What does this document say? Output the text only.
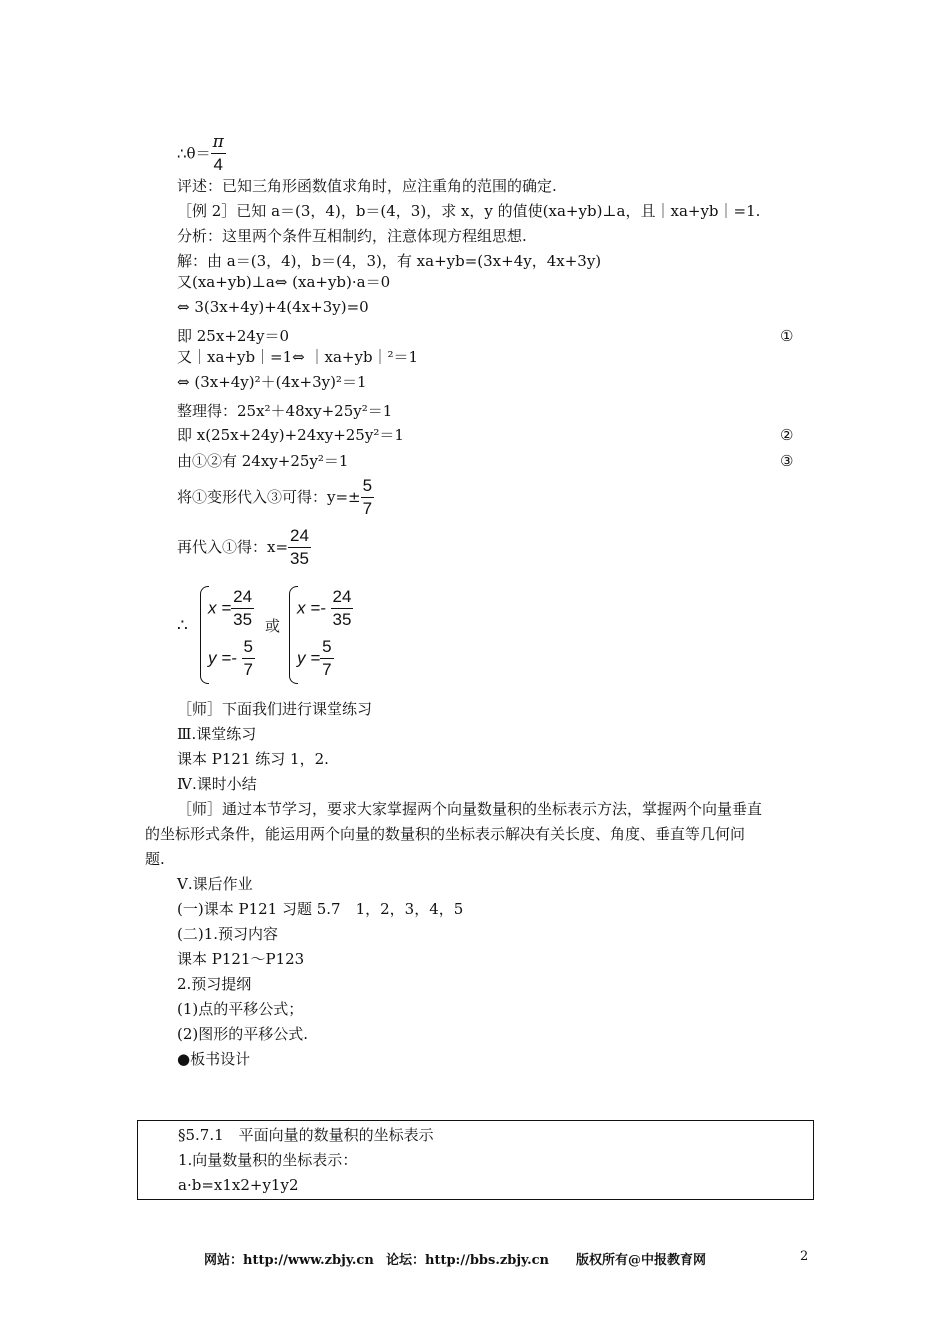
∴θ＝ $\frac{\pi}{4}$
评述：已知三角形函数值求角时，应注重角的范围的确定.
［例 2］已知 a＝(3，4)，b＝(4，3)，求 x，y 的值使(xa+yb)⊥a，且｜xa+yb｜=1.
分析：这里两个条件互相制约，注意体现方程组思想.
解：由 a＝(3，4)，b＝(4，3)，有 xa+yb=(3x+4y，4x+3y)
又(xa+yb)⊥a⇔ (xa+yb)·a＝0
⇔ 3(3x+4y)+4(4x+3y)=0
即 25x+24y＝0	①
又｜xa+yb｜=1⇔ ｜xa+yb｜²＝1
⇔ (3x+4y)²＋(4x+3y)²＝1
整理得：25x²＋48xy+25y²＝1
即 x(25x+24y)+24xy+25y²＝1	②
由①②有 24xy+25y²＝1	③
将①变形代入③可得：$y=\pm \frac{5}{7}$
再代入①得：$x= \frac{24}{35}$
∴
$x = \frac{24}{35}$
$y =- \frac{5}{7}$
或
$x =- \frac{24}{35}$
$y = \frac{5}{7}$
［师］下面我们进行课堂练习
Ⅲ.课堂练习
课本 P121 练习 1，2.
Ⅳ.课时小结
［师］通过本节学习，要求大家掌握两个向量数量积的坐标表示方法，掌握两个向量垂直
的坐标形式条件，能运用两个向量的数量积的坐标表示解决有关长度、角度、垂直等几何问
题.
Ⅴ.课后作业
(一)课本 P121 习题 5.7　1，2，3，4，5
(二)1.预习内容
课本 P121～P123
2.预习提纲
(1)点的平移公式；
(2)图形的平移公式.
●板书设计
§5.7.1　平面向量的数量积的坐标表示
1.向量数量积的坐标表示：
a·b=x1x2+y1y2
网站：http://www.zbjy.cn 论坛：http://bbs.zbjy.cn 版权所有@中报教育网	2
